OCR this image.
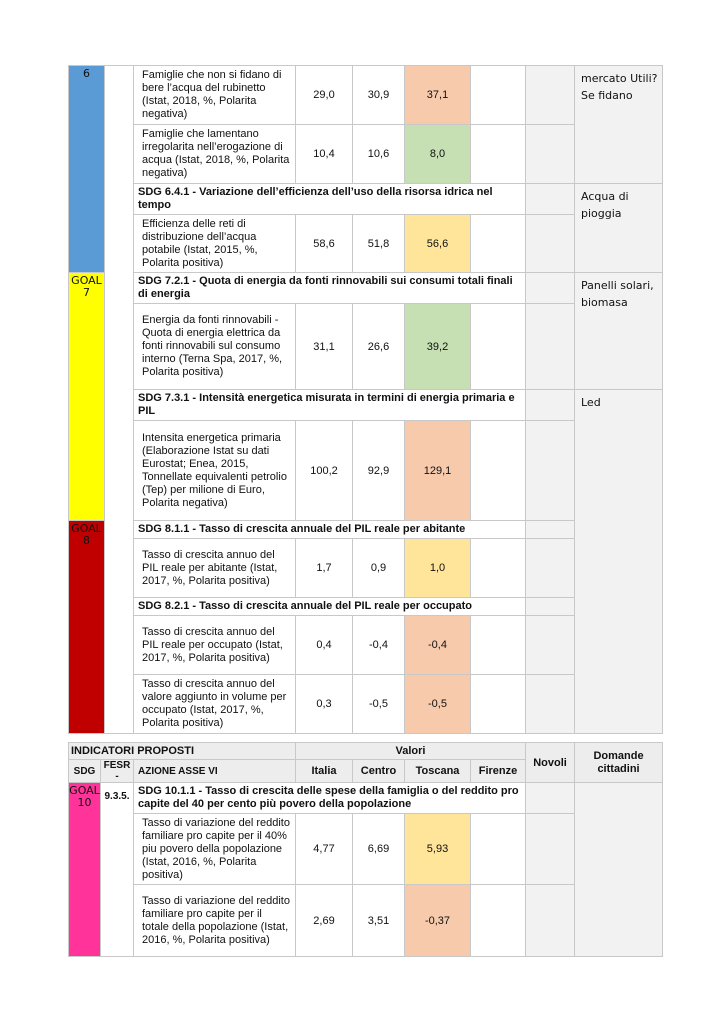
6		Famiglie che non si fidano di bere l’acqua del rubinetto (Istat, 2018, %, Polarita negativa)	29,0	30,9	37,1			mercato Utili? Se fidano
		Famiglie che lamentano irregolarita nell’erogazione di acqua (Istat, 2018, %, Polarita negativa)	10,4	10,6	8,0			
		SDG 6.4.1 - Variazione dell’efficienza dell’uso della risorsa idrica nel tempo						Acqua di pioggia
		Efficienza delle reti di distribuzione dell’acqua potabile (Istat, 2015, %, Polarita positiva)	58,6	51,8	56,6			
GOAL
7		SDG 7.2.1 - Quota di energia da fonti rinnovabili sui consumi totali finali di energia						Panelli solari, biomasa
		Energia da fonti rinnovabili - Quota di energia elettrica da fonti rinnovabili sul consumo interno (Terna Spa, 2017, %, Polarita positiva)	31,1	26,6	39,2			
		SDG 7.3.1 - Intensità energetica misurata in termini di energia primaria e PIL						Led
		Intensita energetica primaria (Elaborazione Istat su dati Eurostat; Enea, 2015, Tonnellate equivalenti petrolio (Tep) per milione di Euro, Polarita negativa)	100,2	92,9	129,1			
GOAL
8		SDG 8.1.1 - Tasso di crescita annuale del PIL reale per abitante						
		Tasso di crescita annuo del PIL reale per abitante (Istat, 2017, %, Polarita positiva)	1,7	0,9	1,0			
		SDG 8.2.1 - Tasso di crescita annuale del PIL reale per occupato						
		Tasso di crescita annuo del PIL reale per occupato (Istat, 2017, %, Polarita positiva)	0,4	-0,4	-0,4			
		Tasso di crescita annuo del valore aggiunto in volume per occupato (Istat, 2017, %, Polarita positiva)	0,3	-0,5	-0,5			
INDICATORI PROPOSTI			Valori				Novoli	Domande cittadini
SDG	FESR -	AZIONE ASSE VI	Italia	Centro	Toscana	Firenze		
GOAL
10	9.3.5.	SDG 10.1.1 - Tasso di crescita delle spese della famiglia o del reddito pro capite del 40 per cento più povero della popolazione						
		Tasso di variazione del reddito familiare pro capite per il 40% piu povero della popolazione (Istat, 2016, %, Polarita positiva)	4,77	6,69	5,93			
		Tasso di variazione del reddito familiare pro capite per il totale della popolazione (Istat, 2016, %, Polarita positiva)	2,69	3,51	-0,37			
